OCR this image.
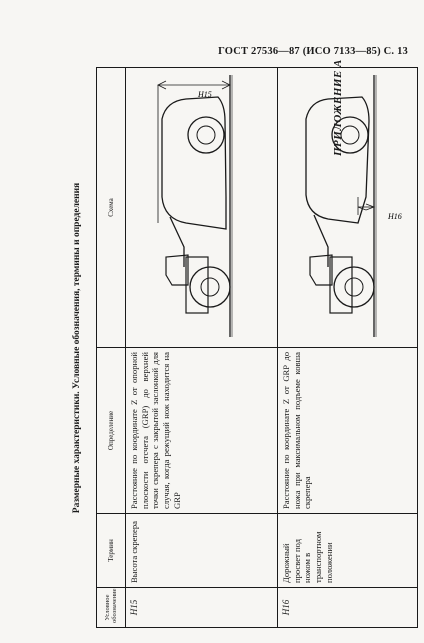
ГОСТ 27536—87 (ИСО 7133—85) С. 13
Размерные характеристики. Условные обозначения, термины и определения
Условное обозначение	Термин	Определение	Схема
H15	Высота скрепера	Расстояние по координате Z от опорной плоскости отсчета (GRP) до верхней точки скрепера с закрытой заслонкой для случая, когда режущий нож находится на GRP	H15

H16	Дорожный просвет под ножом в транспортном положении	Расстояние по координате Z от GRP до ножа при максимальном подъеме ковша скрепера	H16
ПРИЛОЖЕНИЕ А
